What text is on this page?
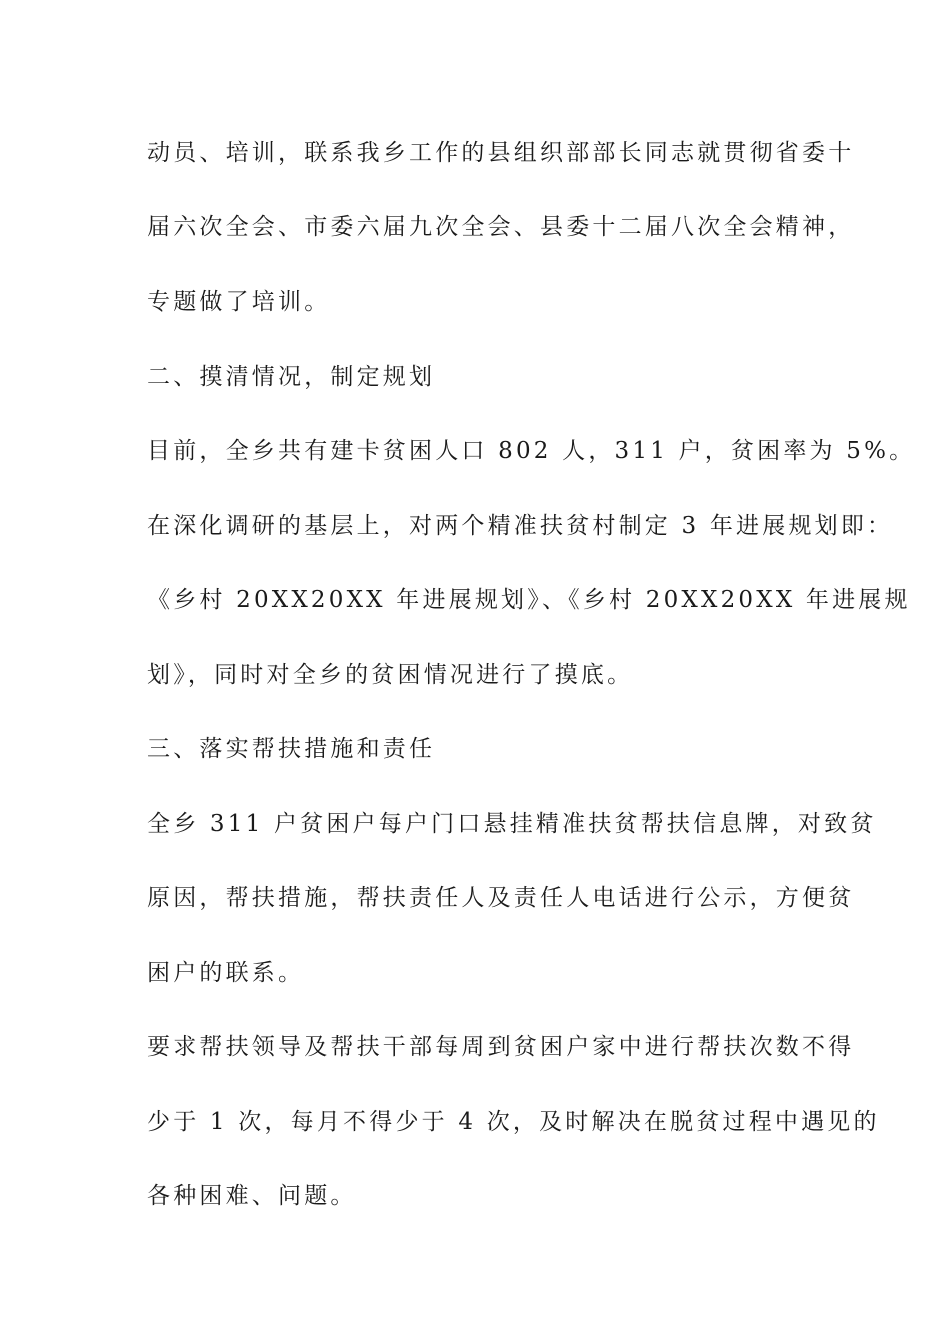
动员、培训，联系我乡工作的县组织部部长同志就贯彻省委十

届六次全会、市委六届九次全会、县委十二届八次全会精神，

专题做了培训。

二、摸清情况，制定规划

目前，全乡共有建卡贫困人口 802 人，311 户，贫困率为 5%。

在深化调研的基层上，对两个精准扶贫村制定 3 年进展规划即：

《乡村 20XX20XX 年进展规划》、《乡村 20XX20XX 年进展规

划》，同时对全乡的贫困情况进行了摸底。

三、落实帮扶措施和责任

全乡 311 户贫困户每户门口悬挂精准扶贫帮扶信息牌，对致贫

原因，帮扶措施，帮扶责任人及责任人电话进行公示，方便贫

困户的联系。

要求帮扶领导及帮扶干部每周到贫困户家中进行帮扶次数不得

少于 1 次，每月不得少于 4 次，及时解决在脱贫过程中遇见的

各种困难、问题。
